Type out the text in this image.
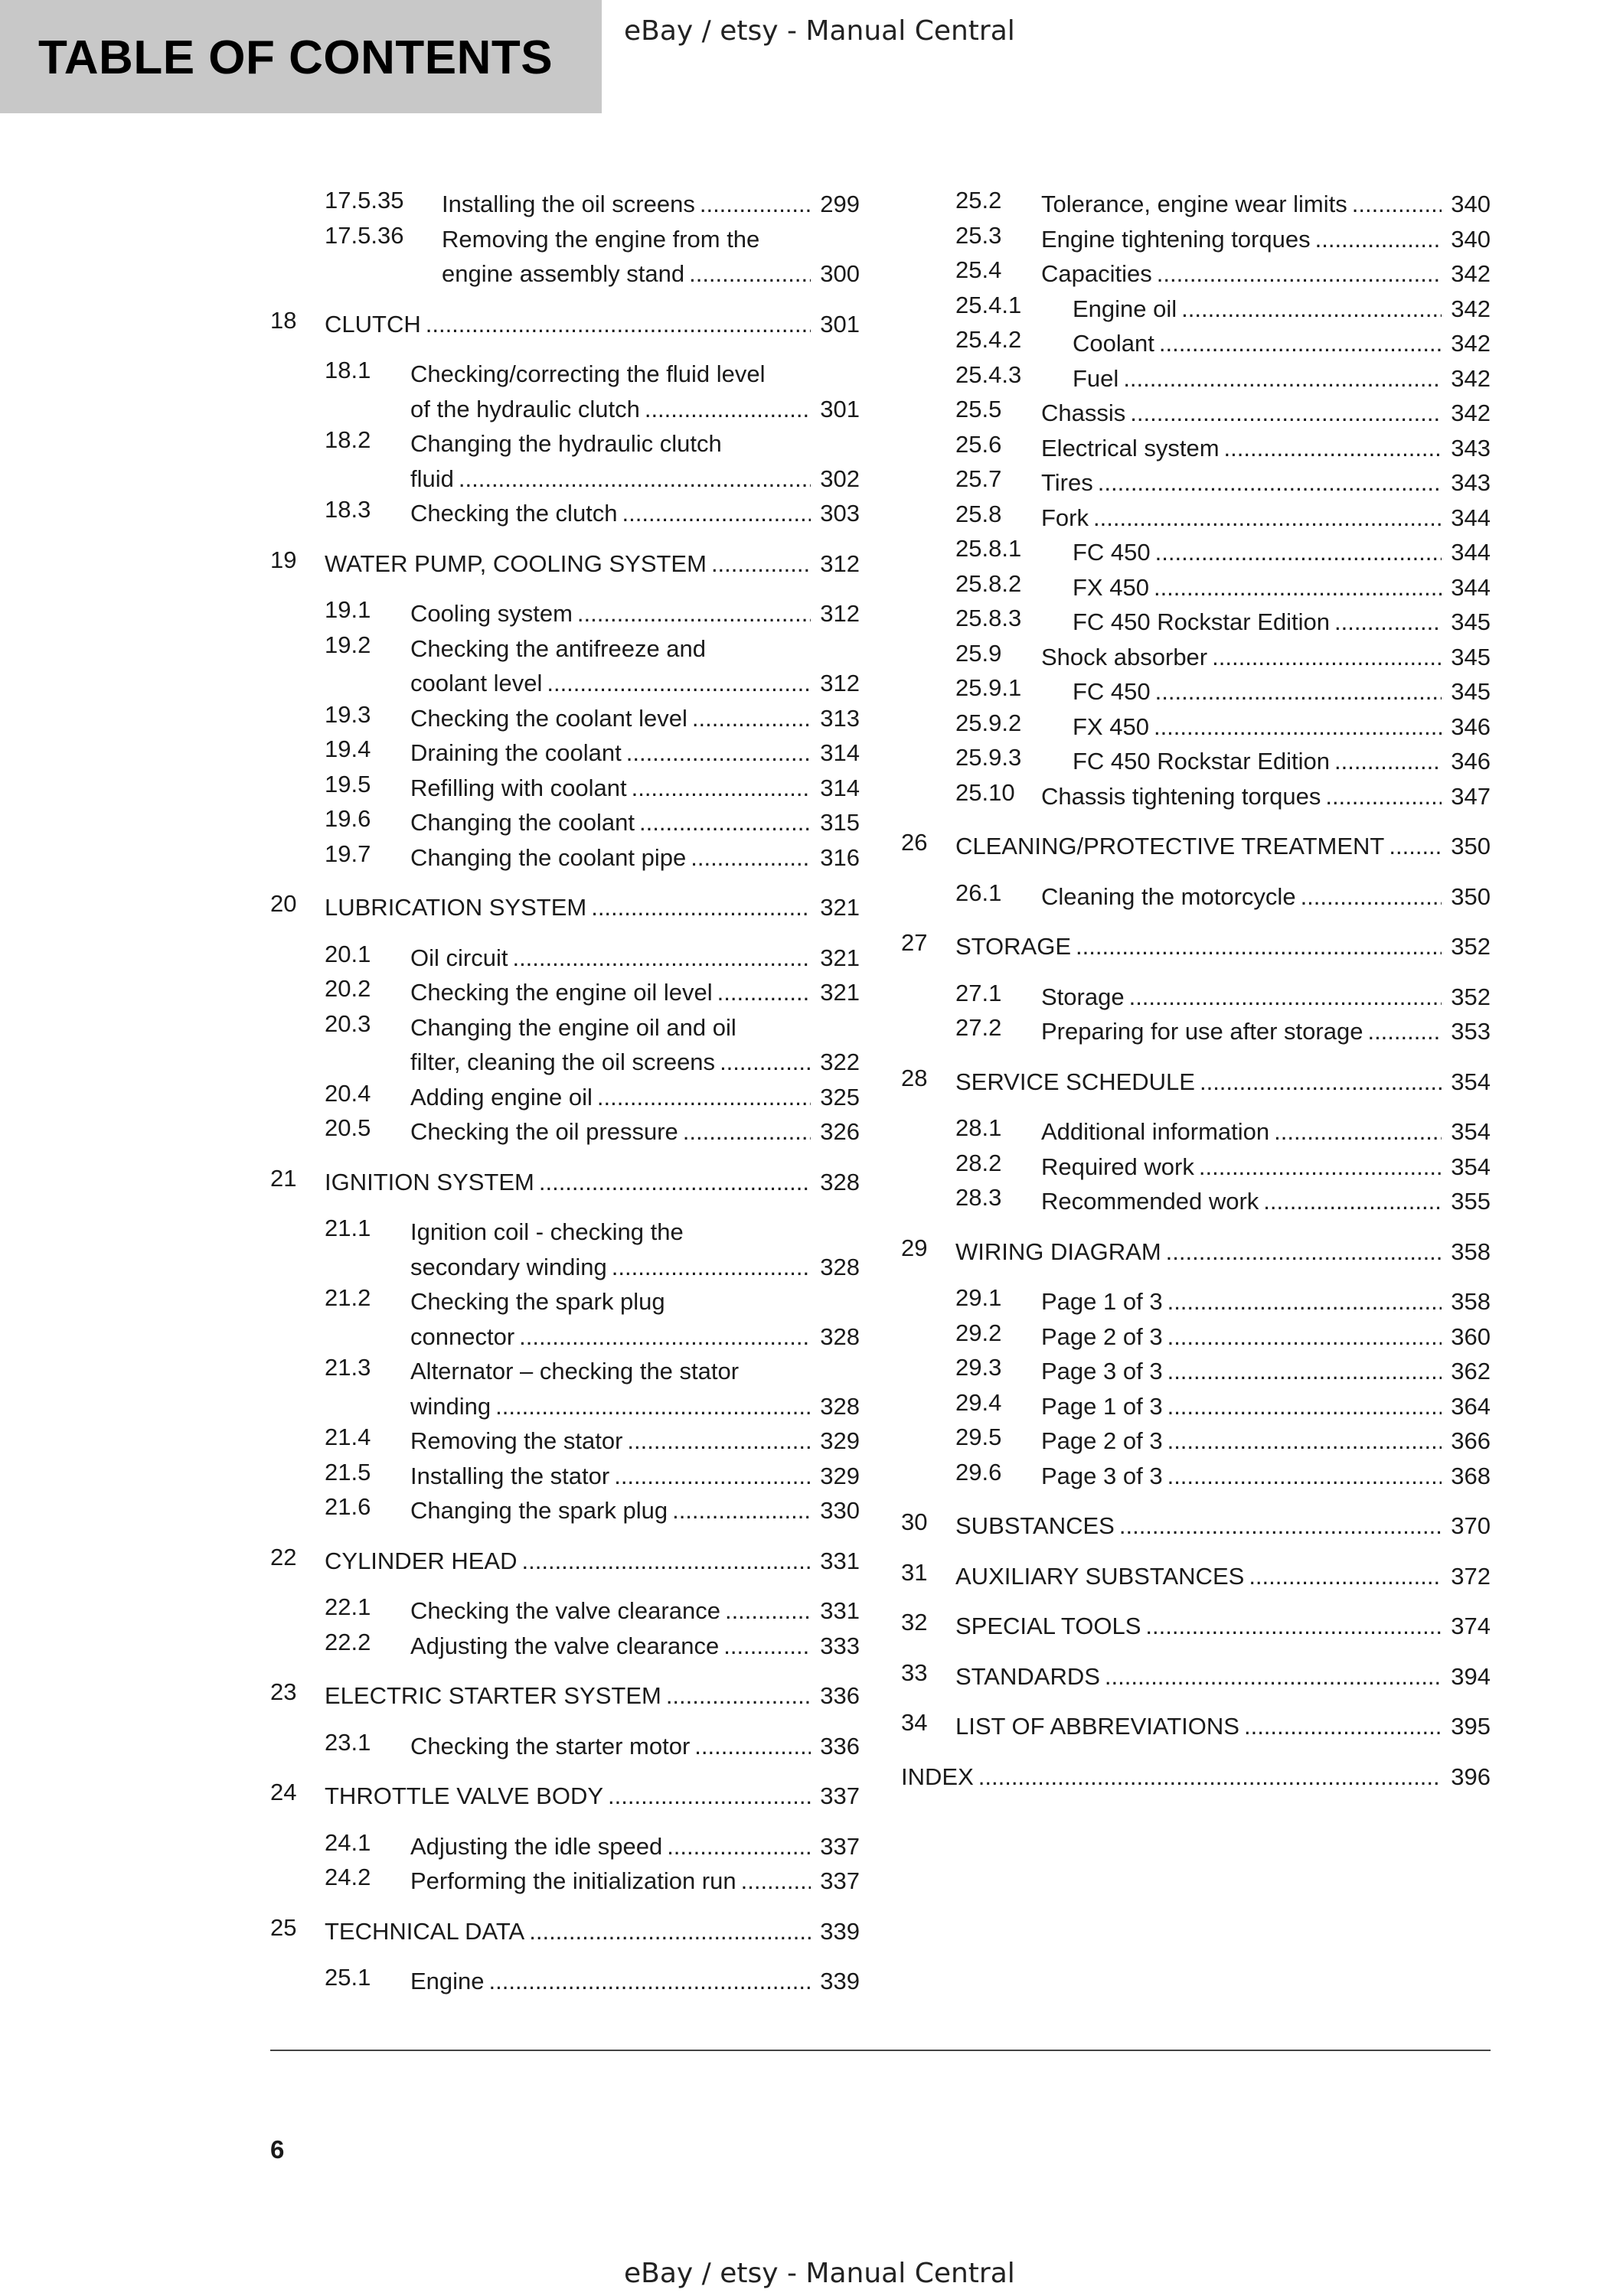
TABLE OF CONTENTS
eBay / etsy - Manual Central
17.5.35 Installing the oil screens .....	299
17.5.36 Removing the engine from the
engine assembly stand .....	300
18 CLUTCH .....	301
18.1 Checking/correcting the fluid level
of the hydraulic clutch .....	301
18.2 Changing the hydraulic clutch
fluid .....	302
18.3 Checking the clutch .....	303
19 WATER PUMP, COOLING SYSTEM .....	312
19.1 Cooling system .....	312
19.2 Checking the antifreeze and
coolant level .....	312
19.3 Checking the coolant level .....	313
19.4 Draining the coolant .....	314
19.5 Refilling with coolant .....	314
19.6 Changing the coolant .....	315
19.7 Changing the coolant pipe .....	316
20 LUBRICATION SYSTEM .....	321
20.1 Oil circuit .....	321
20.2 Checking the engine oil level .....	321
20.3 Changing the engine oil and oil
filter, cleaning the oil screens .....	322
20.4 Adding engine oil .....	325
20.5 Checking the oil pressure .....	326
21 IGNITION SYSTEM .....	328
21.1 Ignition coil - checking the
secondary winding .....	328
21.2 Checking the spark plug
connector .....	328
21.3 Alternator – checking the stator
winding .....	328
21.4 Removing the stator .....	329
21.5 Installing the stator .....	329
21.6 Changing the spark plug .....	330
22 CYLINDER HEAD .....	331
22.1 Checking the valve clearance .....	331
22.2 Adjusting the valve clearance .....	333
23 ELECTRIC STARTER SYSTEM .....	336
23.1 Checking the starter motor .....	336
24 THROTTLE VALVE BODY .....	337
24.1 Adjusting the idle speed .....	337
24.2 Performing the initialization run .....	337
25 TECHNICAL DATA .....	339
25.1 Engine .....	339
25.2 Tolerance, engine wear limits .....	340
25.3 Engine tightening torques .....	340
25.4 Capacities .....	342
25.4.1 Engine oil .....	342
25.4.2 Coolant .....	342
25.4.3 Fuel .....	342
25.5 Chassis .....	342
25.6 Electrical system .....	343
25.7 Tires .....	343
25.8 Fork .....	344
25.8.1 FC 450 .....	344
25.8.2 FX 450 .....	344
25.8.3 FC 450 Rockstar Edition .....	345
25.9 Shock absorber .....	345
25.9.1 FC 450 .....	345
25.9.2 FX 450 .....	346
25.9.3 FC 450 Rockstar Edition .....	346
25.10 Chassis tightening torques .....	347
26 CLEANING/PROTECTIVE TREATMENT .....	350
26.1 Cleaning the motorcycle .....	350
27 STORAGE .....	352
27.1 Storage .....	352
27.2 Preparing for use after storage .....	353
28 SERVICE SCHEDULE .....	354
28.1 Additional information .....	354
28.2 Required work .....	354
28.3 Recommended work .....	355
29 WIRING DIAGRAM .....	358
29.1 Page 1 of 3 .....	358
29.2 Page 2 of 3 .....	360
29.3 Page 3 of 3 .....	362
29.4 Page 1 of 3 .....	364
29.5 Page 2 of 3 .....	366
29.6 Page 3 of 3 .....	368
30 SUBSTANCES .....	370
31 AUXILIARY SUBSTANCES .....	372
32 SPECIAL TOOLS .....	374
33 STANDARDS .....	394
34 LIST OF ABBREVIATIONS .....	395
INDEX .....	396
6
eBay / etsy - Manual Central
